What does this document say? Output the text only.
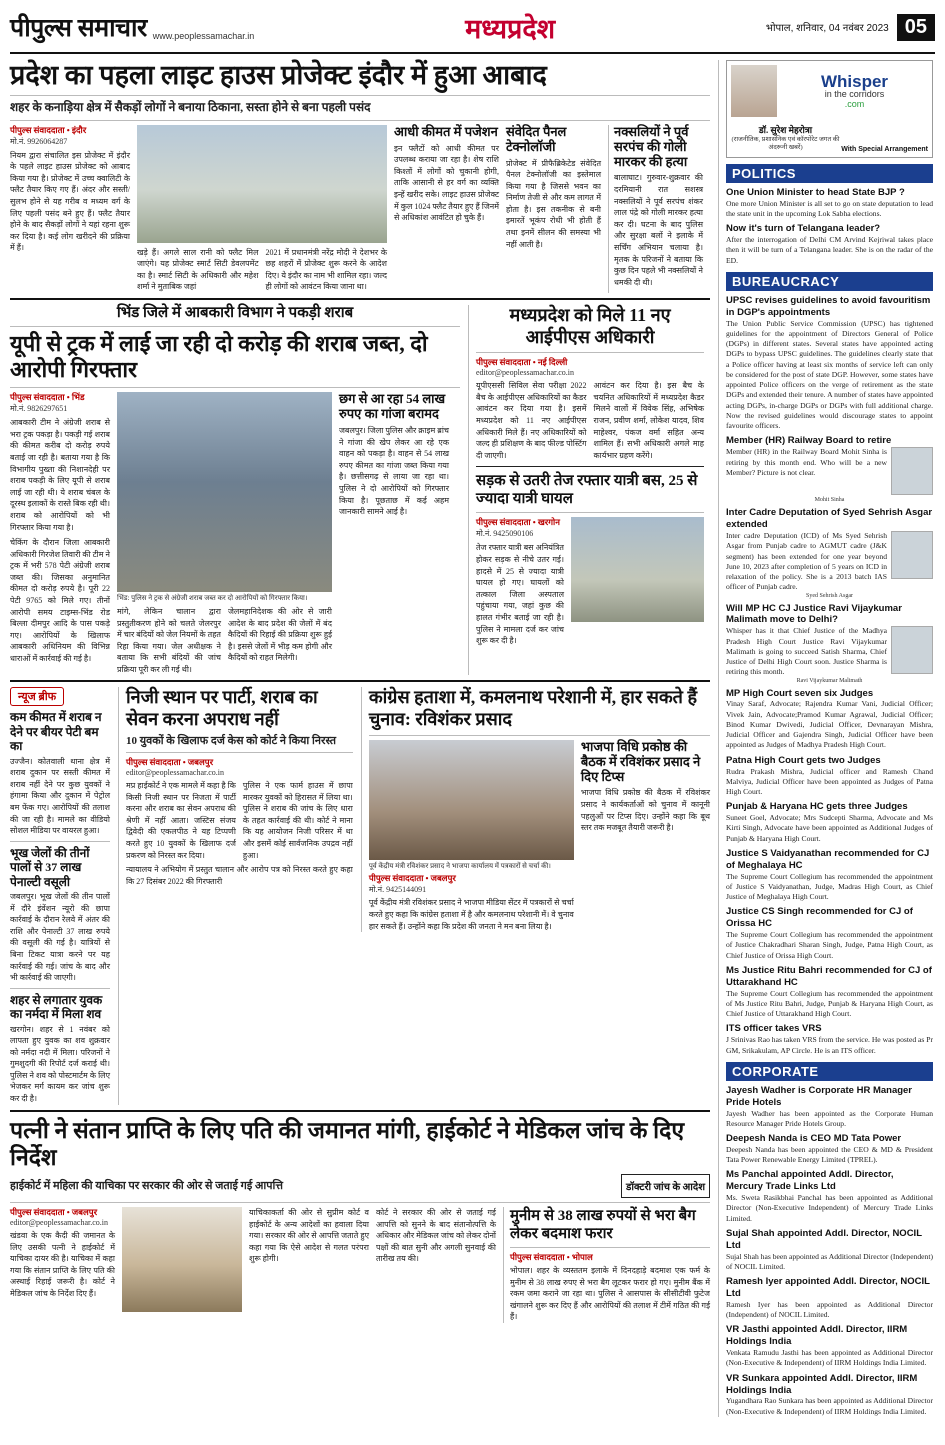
पीपुल्स समाचार www.peoplessamachar.in	मध्यप्रदेश	भोपाल, शनिवार, 04 नवंबर 2023 05
प्रदेश का पहला लाइट हाउस प्रोजेक्ट इंदौर में हुआ आबाद
शहर के कनाड़िया क्षेत्र में सैकड़ों लोगों ने बनाया ठिकाना, सस्ता होने से बना पहली पसंद
पीपुल्स संवाददाता • इंदौर
मो.नं. 9926064287
नियम द्वारा संचालित इस प्रोजेक्ट में इंदौर के पहले लाइट हाउस प्रोजेक्ट को आबाद किया गया है। प्रोजेक्ट में उच्च क्वालिटी के फ्लैट तैयार किए गए हैं। अंदर और सस्ती/सुलभ होने से यह गरीब व मध्यम वर्ग के लिए पहली पसंद बने हुए हैं। फ्लैट तैयार होने के बाद सैकड़ों लोगों ने यहां रहना शुरू कर दिया है। कई लोग खरीदने की प्रक्रिया में हैं।	खड़े हैं। अगले साल रानी को फ्लैट मिल जाएंगे। यह प्रोजेक्ट स्मार्ट सिटी डेवलपमेंट का है। स्मार्ट सिटी के अधिकारी और महेश शर्मा ने मुताबिक जहां
2021 में प्रधानमंत्री नरेंद्र मोदी ने देशभर के छह शहरों में प्रोजेक्ट शुरू करने के आदेश दिए। ये इंदौर का नाम भी शामिल रहा। जल्द ही लोगों को आवंटन किया जाना था।
आधी कीमत में पजेशन
इन फ्लैटों को आधी कीमत पर उपलब्ध कराया जा रहा है। शेष राशि किश्तों में लोगों को चुकानी होगी, ताकि आसानी से हर वर्ग का व्यक्ति इन्हें खरीद सके। लाइट हाउस प्रोजेक्ट में कुल 1024 फ्लैट तैयार हुए हैं जिनमें से अधिकांश आवंटित हो चुके हैं।
संवेदित पैनल टेक्नोलॉजी
प्रोजेक्ट में प्रीफैब्रिकेटेड संवेदित पैनल टेक्नोलॉजी का इस्तेमाल किया गया है जिससे भवन का निर्माण तेजी से और कम लागत में होता है। इस तकनीक से बनी इमारतें भूकंप रोधी भी होती हैं तथा इनमें सीलन की समस्या भी नहीं आती है।
नक्सलियों ने पूर्व सरपंच की गोली मारकर की हत्या
बालाघाट। गुरुवार-शुक्रवार की दरमियानी रात सशस्त्र नक्सलियों ने पूर्व सरपंच शंकर लाल पंद्रे को गोली मारकर हत्या कर दी। घटना के बाद पुलिस और सुरक्षा बलों ने इलाके में सर्चिंग अभियान चलाया है। मृतक के परिजनों ने बताया कि कुछ दिन पहले भी नक्सलियों ने धमकी दी थी।
भिंड जिले में आबकारी विभाग ने पकड़ी शराब
यूपी से ट्रक में लाई जा रही दो करोड़ की शराब जब्त, दो आरोपी गिरफ्तार
पीपुल्स संवाददाता • भिंड
मो.नं. 9826297651
आबकारी टीम ने अंग्रेजी शराब से भरा ट्रक पकड़ा है। पकड़ी गई शराब की कीमत करीब दो करोड़ रुपये बताई जा रही है। बताया गया है कि विभागीय पुख्ता की निशानदेही पर शराब पकड़ी के लिए यूपी से शराब लाई जा रही थी। ये शराब चंबल के दूरस्थ इलाकों के रास्ते बिक रही थी। शराब को आरोपियों को भी गिरफ्तार किया गया है।
चेकिंग के दौरान जिला आबकारी अधिकारी गिरजेश तिवारी की टीम ने ट्रक में भरी 578 पेटी अंग्रेजी शराब जब्त की। जिसका अनुमानित कीमत दो करोड़ रुपये है। पूरी 22 पेटी 9765 को मिले गए। तीनों आरोपी समय टाइम्स-भिंड रोड बिल्ला दीमपुर आदि के पास पकड़े गए। आरोपियों के खिलाफ आबकारी अधिनियम की विभिन्न धाराओं में कार्रवाई की गई है।
भिंड: पुलिस ने ट्रक से अंग्रेजी शराब जब्त कर दो आरोपियों को गिरफ्तार किया।
मांगे, लेकिन चालान द्वारा प्रस्तुतीकरण होने को चलते जेलरपुर में चार बंदियों को जेल नियमों के तहत रिहा किया गया। जेल अधीक्षक ने बताया कि सभी बंदियों की जांच प्रक्रिया पूरी कर ली गई थी।
जेलमहानिदेशक की ओर से जारी आदेश के बाद प्रदेश की जेलों में बंद कैदियों की रिहाई की प्रक्रिया शुरू हुई है। इससे जेलों में भीड़ कम होगी और कैदियों को राहत मिलेगी।
छग से आ रहा 54 लाख रुपए का गांजा बरामद
जबलपुर। जिला पुलिस और क्राइम ब्रांच ने गांजा की खेप लेकर आ रहे एक वाहन को पकड़ा है। वाहन से 54 लाख रुपए कीमत का गांजा जब्त किया गया है। छत्तीसगढ़ से लाया जा रहा था। पुलिस ने दो आरोपियों को गिरफ्तार किया है। पूछताछ में कई अहम जानकारी सामने आई है।
मध्यप्रदेश को मिले 11 नए आईपीएस अधिकारी
पीपुल्स संवाददाता • नई दिल्ली
editor@peoplessamachar.co.in
यूपीएससी सिविल सेवा परीक्षा 2022 बैच के आईपीएस अधिकारियों का कैडर आवंटन कर दिया गया है। इसमें मध्यप्रदेश को 11 नए आईपीएस अधिकारी मिले हैं। नए अधिकारियों को जल्द ही प्रशिक्षण के बाद फील्ड पोस्टिंग दी जाएगी।
आवंटन कर दिया है। इस बैच के चयनित अधिकारियों में मध्यप्रदेश कैडर मिलने वालों में विवेक सिंह, अभिषेक राजन, प्रवीण शर्मा, लोकेश यादव, शिव माहेश्वर, पंकज वर्मा सहित अन्य शामिल हैं। सभी अधिकारी अगले माह कार्यभार ग्रहण करेंगे।
सड़क से उतरी तेज रफ्तार यात्री बस, 25 से ज्यादा यात्री घायल
पीपुल्स संवाददाता • खरगोन
मो.नं. 9425090106
तेज रफ्तार यात्री बस अनियंत्रित होकर सड़क से नीचे उतर गई। हादसे में 25 से ज्यादा यात्री घायल हो गए। घायलों को तत्काल जिला अस्पताल पहुंचाया गया, जहां कुछ की हालत गंभीर बताई जा रही है। पुलिस ने मामला दर्ज कर जांच शुरू कर दी है।
न्यूज ब्रीफ
कम कीमत में शराब न देने पर बीयर पेटी बम का
उज्जैन। कोतवाली थाना क्षेत्र में शराब दुकान पर सस्ती कीमत में शराब नहीं देने पर कुछ युवकों ने हंगामा किया और दुकान में पेट्रोल बम फेंक गए। आरोपियों की तलाश की जा रही है। मामले का वीडियो सोशल मीडिया पर वायरल हुआ।
भूख जेलों की तीनों पालों से 37 लाख पेनाल्टी वसूली
जबलपुर। भूख जेलों की तीन पालों में दौरे इंवेंशन न्यूरो की छापा कार्रवाई के दौरान रेलवे में अंतर की राशि और पेनाल्टी 37 लाख रुपये की वसूली की गई है। यात्रियों से बिना टिकट यात्रा करने पर यह कार्रवाई की गई। जांच के बाद और भी कार्रवाई की जाएगी।
शहर से लगातार युवक का नर्मदा में मिला शव
खरगोन। शहर से 1 नवंबर को लापता हुए युवक का शव शुक्रवार को नर्मदा नदी में मिला। परिजनों ने गुमशुदगी की रिपोर्ट दर्ज कराई थी। पुलिस ने शव को पोस्टमार्टम के लिए भेजकर मर्ग कायम कर जांच शुरू कर दी है।
निजी स्थान पर पार्टी, शराब का सेवन करना अपराध नहीं
10 युवकों के खिलाफ दर्ज केस को कोर्ट ने किया निरस्त
पीपुल्स संवाददाता • जबलपुर
editor@peoplessamachar.co.in
मप्र हाईकोर्ट ने एक मामले में कहा है कि किसी निजी स्थान पर निजता में पार्टी करना और शराब का सेवन अपराध की श्रेणी में नहीं आता। जस्टिस संजय द्विवेदी की एकलपीठ ने यह टिप्पणी करते हुए 10 युवकों के खिलाफ दर्ज प्रकरण को निरस्त कर दिया।
पुलिस ने एक फार्म हाउस में छापा मारकर युवकों को हिरासत में लिया था। पुलिस ने शराब की जांच के लिए धारा के तहत कार्रवाई की थी। कोर्ट ने माना कि यह आयोजन निजी परिसर में था और इसमें कोई सार्वजनिक उपद्रव नहीं हुआ।
न्यायालय ने अभियोग में प्रस्तुत चालान और आरोप पत्र को निरस्त करते हुए कहा कि 27 दिसंबर 2022 की गिरफ्तारी
कांग्रेस हताशा में, कमलनाथ परेशानी में, हार सकते हैं चुनाव: रविशंकर प्रसाद
पूर्व केंद्रीय मंत्री रविशंकर प्रसाद ने भाजपा कार्यालय में पत्रकारों से चर्चा की।
पीपुल्स संवाददाता • जबलपुर
मो.नं. 9425144091
पूर्व केंद्रीय मंत्री रविशंकर प्रसाद ने भाजपा मीडिया सेंटर में पत्रकारों से चर्चा करते हुए कहा कि कांग्रेस हताशा में है और कमलनाथ परेशानी में। वे चुनाव हार सकते हैं। उन्होंने कहा कि प्रदेश की जनता ने मन बना लिया है।
भाजपा विधि प्रकोष्ठ की बैठक में रविशंकर प्रसाद ने दिए टिप्स
भाजपा विधि प्रकोष्ठ की बैठक में रविशंकर प्रसाद ने कार्यकर्ताओं को चुनाव में कानूनी पहलुओं पर टिप्स दिए। उन्होंने कहा कि बूथ स्तर तक मजबूत तैयारी जरूरी है।
पत्नी ने संतान प्राप्ति के लिए पति की जमानत मांगी, हाईकोर्ट ने मेडिकल जांच के दिए निर्देश
हाईकोर्ट में महिला की याचिका पर सरकार की ओर से जताई गई आपत्ति	डॉक्टरी जांच के आदेश
पीपुल्स संवाददाता • जबलपुर
editor@peoplessamachar.co.in
खंडवा के एक कैदी की जमानत के लिए उसकी पत्नी ने हाईकोर्ट में याचिका दायर की है। याचिका में कहा गया कि संतान प्राप्ति के लिए पति की अस्थाई रिहाई जरूरी है। कोर्ट ने मेडिकल जांच के निर्देश दिए हैं।
याचिकाकर्ता की ओर से सुप्रीम कोर्ट व हाईकोर्ट के अन्य आदेशों का हवाला दिया गया। सरकार की ओर से आपत्ति जताते हुए कहा गया कि ऐसे आदेश से गलत परंपरा शुरू होगी।
कोर्ट ने सरकार की ओर से जताई गई आपत्ति को सुनने के बाद संतानोत्पत्ति के अधिकार और मेडिकल जांच को लेकर दोनों पक्षों की बात सुनी और अगली सुनवाई की तारीख तय की।
मुनीम से 38 लाख रुपयों से भरा बैग लेकर बदमाश फरार
पीपुल्स संवाददाता • भोपाल
भोपाल। शहर के व्यस्ततम इलाके में दिनदहाड़े बदमाश एक फर्म के मुनीम से 38 लाख रुपए से भरा बैग लूटकर फरार हो गए। मुनीम बैंक में रकम जमा कराने जा रहा था। पुलिस ने आसपास के सीसीटीवी फुटेज खंगालने शुरू कर दिए हैं और आरोपियों की तलाश में टीमें गठित की गई हैं।
Whisper
in the corridors
.com
डॉ. सुरेश मेहरोत्रा
(राजनीतिक, प्रशासनिक एवं कॉरपोरेट जगत की अंदरूनी खबरें)	With Special Arrangement
POLITICS
One Union Minister to head State BJP ?
One more Union Minister is all set to go on state deputation to lead the state unit in the upcoming Lok Sabha elections.
Now it's turn of Telangana leader?
After the interrogation of Delhi CM Arvind Kejriwal takes place then it will be turn of a Telangana leader. She is on the radar of the ED.
BUREAUCRACY
UPSC revises guidelines to avoid favouritism in DGP's appointments
The Union Public Service Commission (UPSC) has tightened guidelines for the appointment of Directors General of Police (DGPs) in different states. Several states have appointed acting DGPs to bypass UPSC guidelines. The guidelines clearly state that a Police officer having at least six months of service left can only be considered for the post of state DGP. However, some states have appointed Police officers on the verge of retirement as the state DGPs and extended their tenure. A number of states have appointed acting DGPs, in-charge DGPs or DGPs with full additional charge. Now the revised guidelines would discourage states to appoint favourite officers.
Member (HR) Railway Board to retire
Member (HR) in the Railway Board Mohit Sinha is retiring by this month end. Who will be a new Member? Picture is not clear.
Mohit Sinha
Inter Cadre Deputation of Syed Sehrish Asgar extended
Inter cadre Deputation (ICD) of Ms Syed Sehrish Asgar from Punjab cadre to AGMUT cadre (J&K segment) has been extended for one year beyond June 10, 2023 after completion of 5 years on ICD in relaxation of the policy. She is a 2013 batch IAS officer of Punjab cadre.
Syed Sehrish Asgar
Will MP HC CJ Justice Ravi Vijaykumar Malimath move to Delhi?
Whisper has it that Chief Justice of the Madhya Pradesh High Court Justice Ravi Vijaykumar Malimath is going to succeed Satish Sharma, Chief Justice of Delhi High Court soon. Justice Sharma is retiring this month.
Ravi Vijaykumar Malimath
MP High Court seven six Judges
Vinay Saraf, Advocate; Rajendra Kumar Vani, Judicial Officer; Vivek Jain, Advocate;Pramod Kumar Agrawal, Judicial Officer; Binod Kumar Dwivedi, Judicial Officer, Devnarayan Mishra, Judicial Officer and Gajendra Singh, Judicial Officer have been appointed as Judges of Madhya Pradesh High Court.
Patna High Court gets two Judges
Rudra Prakash Mishra, Judicial officer and Ramesh Chand Malviya, Judicial Officer have been appointed as Judges of Patna High Court.
Punjab & Haryana HC gets three Judges
Suneet Goel, Advocate; Mrs Sudcepti Sharma, Advocate and Ms Kirti Singh, Advocate have been appointed as Additional Judges of Punjab & Haryana High Court.
Justice S Vaidyanathan recommended for CJ of Meghalaya HC
The Supreme Court Collegium has recommended the appointment of Justice S Vaidyanathan, Judge, Madras High Court, as Chief Justice of Meghalaya High Court.
Justice CS Singh recommended for CJ of Orissa HC
The Supreme Court Collegium has recommended the appointment of Justice Chakradhari Sharan Singh, Judge, Patna High Court, as Chief Justice of Orissa High Court.
Ms Justice Ritu Bahri recommended for CJ of Uttarakhand HC
The Supreme Court Collegium has recommended the appointment of Ms Justice Ritu Bahri, Judge, Punjab & Haryana High Court, as Chief Justice of Uttarakhand High Court.
ITS officer takes VRS
J Srinivas Rao has taken VRS from the service. He was posted as Pr GM, Srikakulam, AP Circle. He is an ITS officer.
CORPORATE
Jayesh Wadher is Corporate HR Manager Pride Hotels
Jayesh Wadher has been appointed as the Corporate Human Resource Manager Pride Hotels Group.
Deepesh Nanda is CEO MD Tata Power
Deepesh Nanda has been appointed the CEO & MD & President Tata Power Renewable Energy Limited (TPREL).
Ms Panchal appointed Addl. Director, Mercury Trade Links Ltd
Ms. Sweta Rasikbhai Panchal has been appointed as Additional Director (Non-Executive Independent) of Mercury Trade Links Limited.
Sujal Shah appointed Addl. Director, NOCIL Ltd
Sujal Shah has been appointed as Additional Director (Independent) of NOCIL Limited.
Ramesh Iyer appointed Addl. Director, NOCIL Ltd
Ramesh Iyer has been appointed as Additional Director (Independent) of NOCIL Limited.
VR Jasthi appointed Addl. Director, IIRM Holdings India
Venkata Ramudu Jasthi has been appointed as Additional Director (Non-Executive & Independent) of IIRM Holdings India Limited.
VR Sunkara appointed Addl. Director, IIRM Holdings India
Yugandhara Rao Sunkara has been appointed as Additional Director (Non-Executive & Independent) of IIRM Holdings India Limited.
